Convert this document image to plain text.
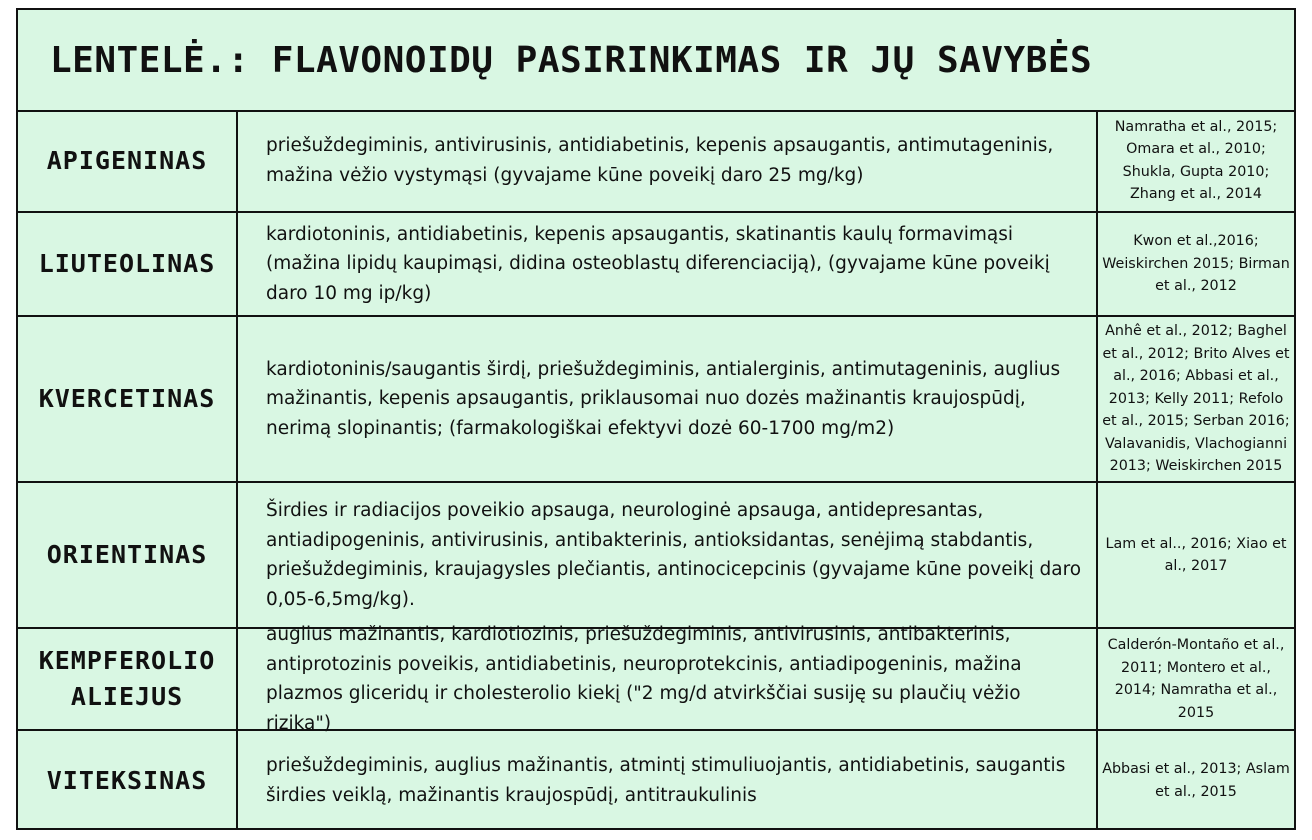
LENTELĖ.: FLAVONOIDŲ PASIRINKIMAS IR JŲ SAVYBĖS
APIGENINAS	priešuždegiminis, antivirusinis, antidiabetinis, kepenis apsaugantis, antimutageninis, mažina vėžio vystymąsi (gyvajame kūne poveikį daro 25 mg/kg)
Namratha et al., 2015; Omara et al., 2010; Shukla, Gupta 2010; Zhang et al., 2014
LIUTEOLINAS
kardiotoninis, antidiabetinis, kepenis apsaugantis, skatinantis kaulų formavimąsi (mažina lipidų kaupimąsi, didina osteoblastų diferenciaciją), (gyvajame kūne poveikį daro 10 mg ip/kg)
Kwon et al.,2016; Weiskirchen 2015; Birman et al., 2012
KVERCETINAS
kardiotoninis/saugantis širdį, priešuždegiminis, antialerginis, antimutageninis, auglius mažinantis, kepenis apsaugantis, priklausomai nuo dozės mažinantis kraujospūdį, nerimą slopinantis; (farmakologiškai efektyvi dozė 60-1700 mg/m2)
Anhê et al., 2012; Baghel et al., 2012; Brito Alves et al., 2016; Abbasi et al., 2013; Kelly 2011; Refolo et al., 2015; Serban 2016; Valavanidis, Vlachogianni 2013; Weiskirchen 2015
ORIENTINAS
Širdies ir radiacijos poveikio apsauga, neurologinė apsauga, antidepresantas, antiadipogeninis, antivirusinis, antibakterinis, antioksidantas, senėjimą stabdantis, priešuždegiminis, kraujagysles plečiantis, antinocicepcinis (gyvajame kūne poveikį daro 0,05-6,5mg/kg).
Lam et al.., 2016; Xiao et al., 2017
KEMPFEROLIO ALIEJUS
auglius mažinantis, kardiotiozinis, priešuždegiminis, antivirusinis, antibakterinis, antiprotozinis poveikis, antidiabetinis, neuroprotekcinis, antiadipogeninis, mažina plazmos gliceridų ir cholesterolio kiekį ("2 mg/d atvirkščiai susiję su plaučių vėžio rizika")
Calderón-Montaño et al., 2011; Montero et al., 2014; Namratha et al., 2015
VITEKSINAS	priešuždegiminis, auglius mažinantis, atmintį stimuliuojantis, antidiabetinis, saugantis širdies veiklą, mažinantis kraujospūdį, antitraukulinis
Abbasi et al., 2013; Aslam et al., 2015
